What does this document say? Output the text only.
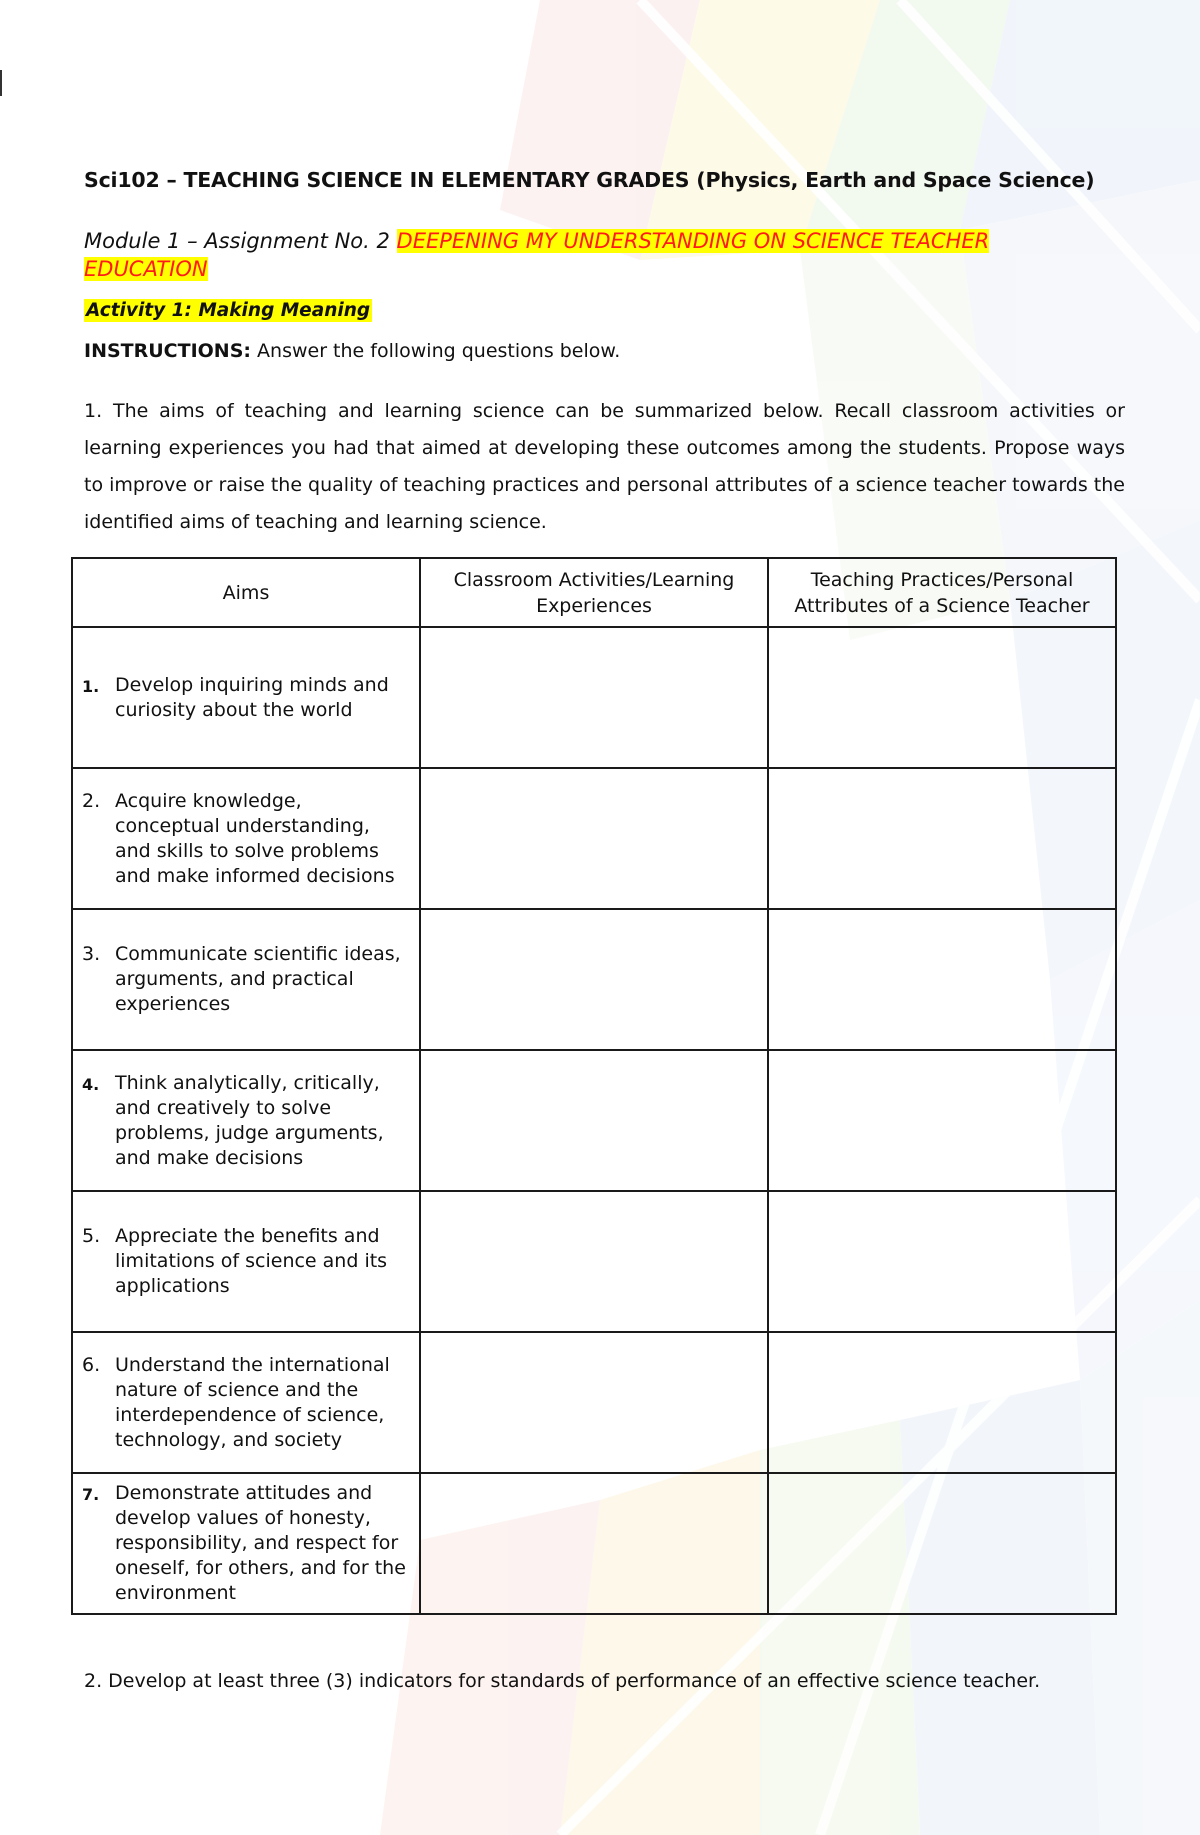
Sci102 – TEACHING SCIENCE IN ELEMENTARY GRADES (Physics, Earth and Space Science)
Module 1 – Assignment No. 2 DEEPENING MY UNDERSTANDING ON SCIENCE TEACHER EDUCATION
Activity 1: Making Meaning
INSTRUCTIONS: Answer the following questions below.
1. The aims of teaching and learning science can be summarized below. Recall classroom activities or learning experiences you had that aimed at developing these outcomes among the students. Propose ways to improve or raise the quality of teaching practices and personal attributes of a science teacher towards the identified aims of teaching and learning science.
Aims	Classroom Activities/Learning Experiences	Teaching Practices/Personal Attributes of a Science Teacher

1. Develop inquiring minds and curiosity about the world		

2. Acquire knowledge, conceptual understanding, and skills to solve problems and make informed decisions		

3. Communicate scientific ideas, arguments, and practical experiences		

4. Think analytically, critically, and creatively to solve problems, judge arguments, and make decisions		

5. Appreciate the benefits and limitations of science and its applications		

6. Understand the international nature of science and the interdependence of science, technology, and society		

7. Demonstrate attitudes and develop values of honesty, responsibility, and respect for oneself, for others, and for the environment		

2. Develop at least three (3) indicators for standards of performance of an effective science teacher.
